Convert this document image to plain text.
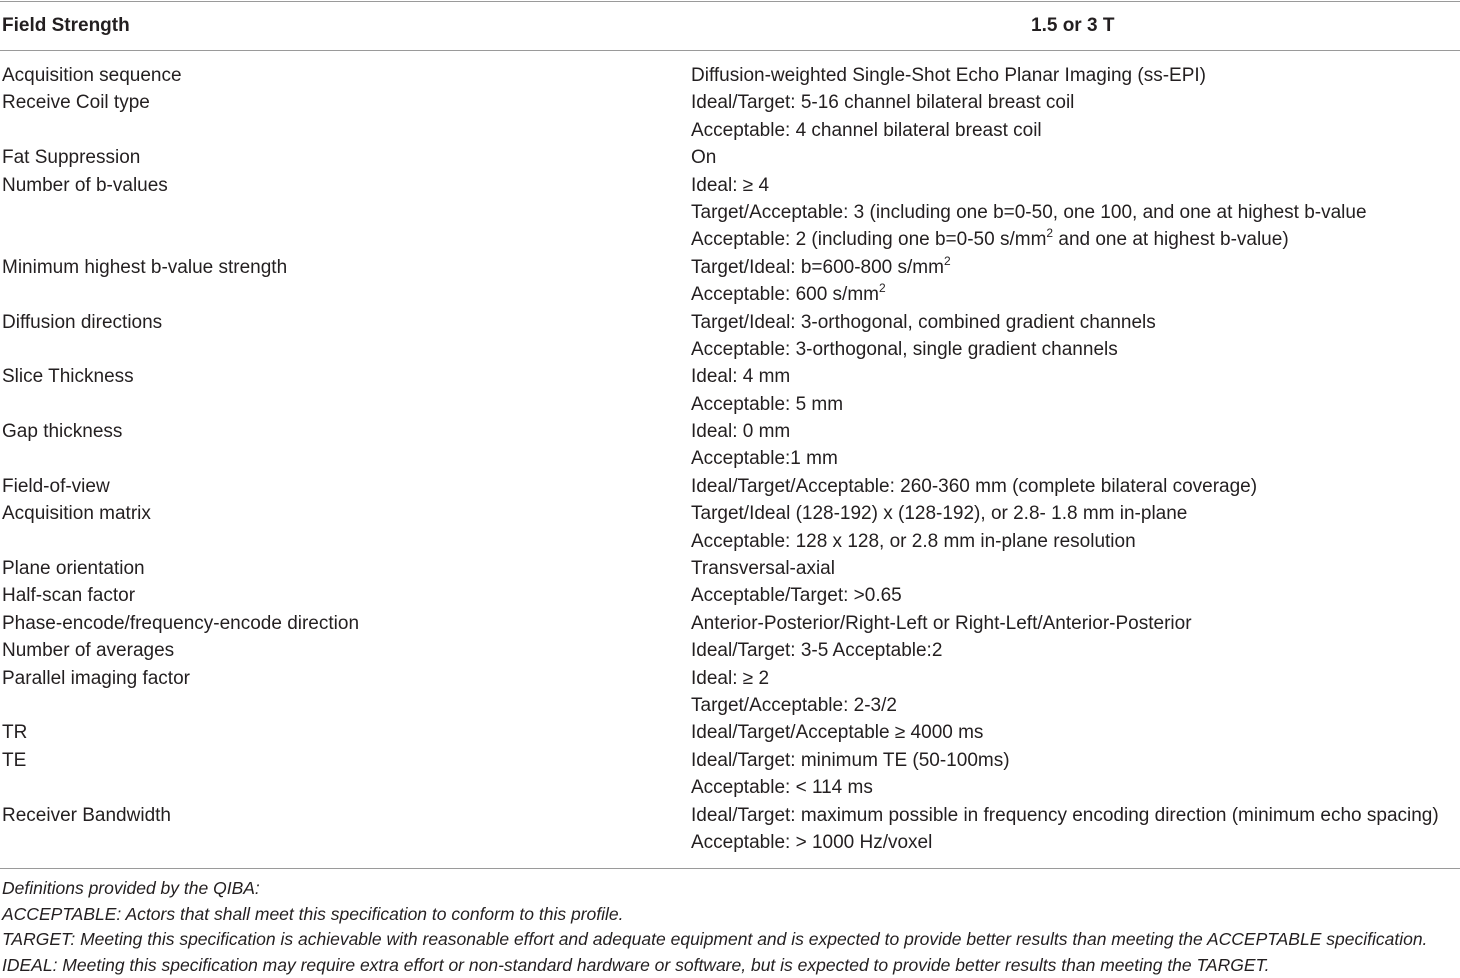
Field Strength	1.5 or 3 T
Acquisition sequence	Diffusion-weighted Single-Shot Echo Planar Imaging (ss-EPI)
Receive Coil type	Ideal/Target: 5-16 channel bilateral breast coil
Acceptable: 4 channel bilateral breast coil
Fat Suppression	On
Number of b-values	Ideal: ≥ 4
Target/Acceptable: 3 (including one b=0-50, one 100, and one at highest b-value
Acceptable: 2 (including one b=0-50 $s/mm^2$ and one at highest b-value)
Minimum highest b-value strength	Target/Ideal: b=600-800 $s/mm^2$
Acceptable: 600 $s/mm^2$
Diffusion directions	Target/Ideal: 3-orthogonal, combined gradient channels
Acceptable: 3-orthogonal, single gradient channels
Slice Thickness	Ideal: 4 mm
Acceptable: 5 mm
Gap thickness	Ideal: 0 mm
Acceptable:1 mm
Field-of-view	Ideal/Target/Acceptable: 260-360 mm (complete bilateral coverage)
Acquisition matrix	Target/Ideal (128-192) x (128-192), or 2.8- 1.8 mm in-plane
Acceptable: 128 x 128, or 2.8 mm in-plane resolution
Plane orientation	Transversal-axial
Half-scan factor	Acceptable/Target: >0.65
Phase-encode/frequency-encode direction	Anterior-Posterior/Right-Left or Right-Left/Anterior-Posterior
Number of averages	Ideal/Target: 3-5 Acceptable:2
Parallel imaging factor	Ideal: ≥ 2
Target/Acceptable: 2-3/2
TR	Ideal/Target/Acceptable ≥ 4000 ms
TE	Ideal/Target: minimum TE (50-100ms)
Acceptable: < 114 ms
Receiver Bandwidth	Ideal/Target: maximum possible in frequency encoding direction (minimum echo spacing)
Acceptable: > 1000 Hz/voxel
Definitions provided by the QIBA:
ACCEPTABLE: Actors that shall meet this specification to conform to this profile.
TARGET: Meeting this specification is achievable with reasonable effort and adequate equipment and is expected to provide better results than meeting the ACCEPTABLE specification.
IDEAL: Meeting this specification may require extra effort or non-standard hardware or software, but is expected to provide better results than meeting the TARGET.
